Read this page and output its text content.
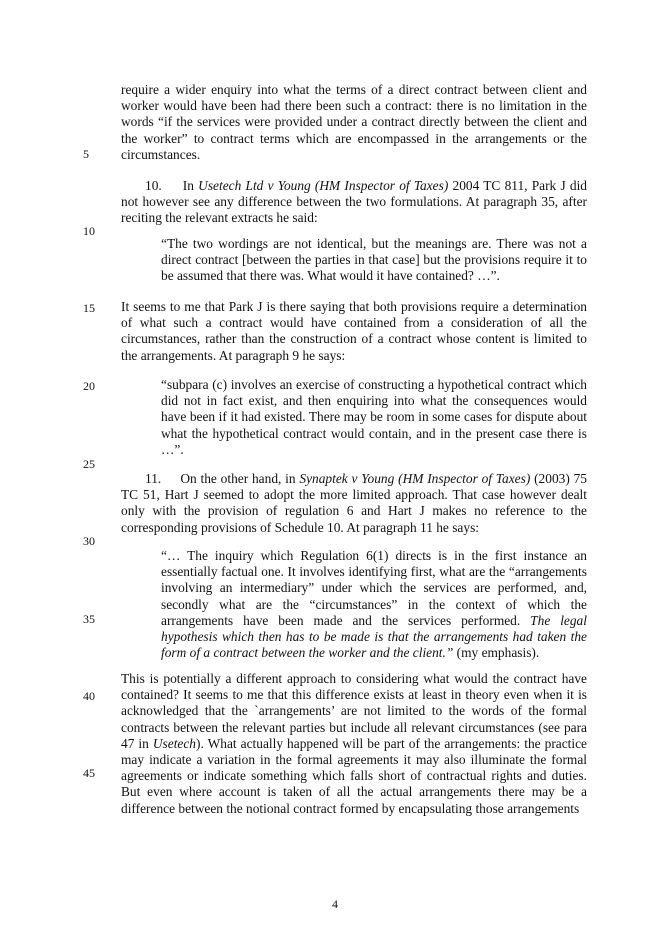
5
10
15
20
25
30
35
40
45
require a wider enquiry into what the terms of a direct contract between client and worker would have been had there been such a contract: there is no limitation in the words “if the services were provided under a contract directly between the client and the worker” to contract terms which are encompassed in the arrangements or the circumstances.
10. In Usetech Ltd v Young (HM Inspector of Taxes) 2004 TC 811, Park J did not however see any difference between the two formulations. At paragraph 35, after reciting the relevant extracts he said:
“The two wordings are not identical, but the meanings are. There was not a direct contract [between the parties in that case] but the provisions require it to be assumed that there was. What would it have contained? …”.
It seems to me that Park J is there saying that both provisions require a determination of what such a contract would have contained from a consideration of all the circumstances, rather than the construction of a contract whose content is limited to the arrangements. At paragraph 9 he says:
“subpara (c) involves an exercise of constructing a hypothetical contract which did not in fact exist, and then enquiring into what the consequences would have been if it had existed. There may be room in some cases for dispute about what the hypothetical contract would contain, and in the present case there is …”.
11. On the other hand, in Synaptek v Young (HM Inspector of Taxes) (2003) 75 TC 51, Hart J seemed to adopt the more limited approach. That case however dealt only with the provision of regulation 6 and Hart J makes no reference to the corresponding provisions of Schedule 10. At paragraph 11 he says:
“… The inquiry which Regulation 6(1) directs is in the first instance an essentially factual one. It involves identifying first, what are the “arrangements involving an intermediary” under which the services are performed, and, secondly what are the “circumstances” in the context of which the arrangements have been made and the services performed. The legal hypothesis which then has to be made is that the arrangements had taken the form of a contract between the worker and the client.” (my emphasis).
This is potentially a different approach to considering what would the contract have contained? It seems to me that this difference exists at least in theory even when it is acknowledged that the `arrangements’ are not limited to the words of the formal contracts between the relevant parties but include all relevant circumstances (see para 47 in Usetech). What actually happened will be part of the arrangements: the practice may indicate a variation in the formal agreements it may also illuminate the formal agreements or indicate something which falls short of contractual rights and duties. But even where account is taken of all the actual arrangements there may be a difference between the notional contract formed by encapsulating those arrangements
4
